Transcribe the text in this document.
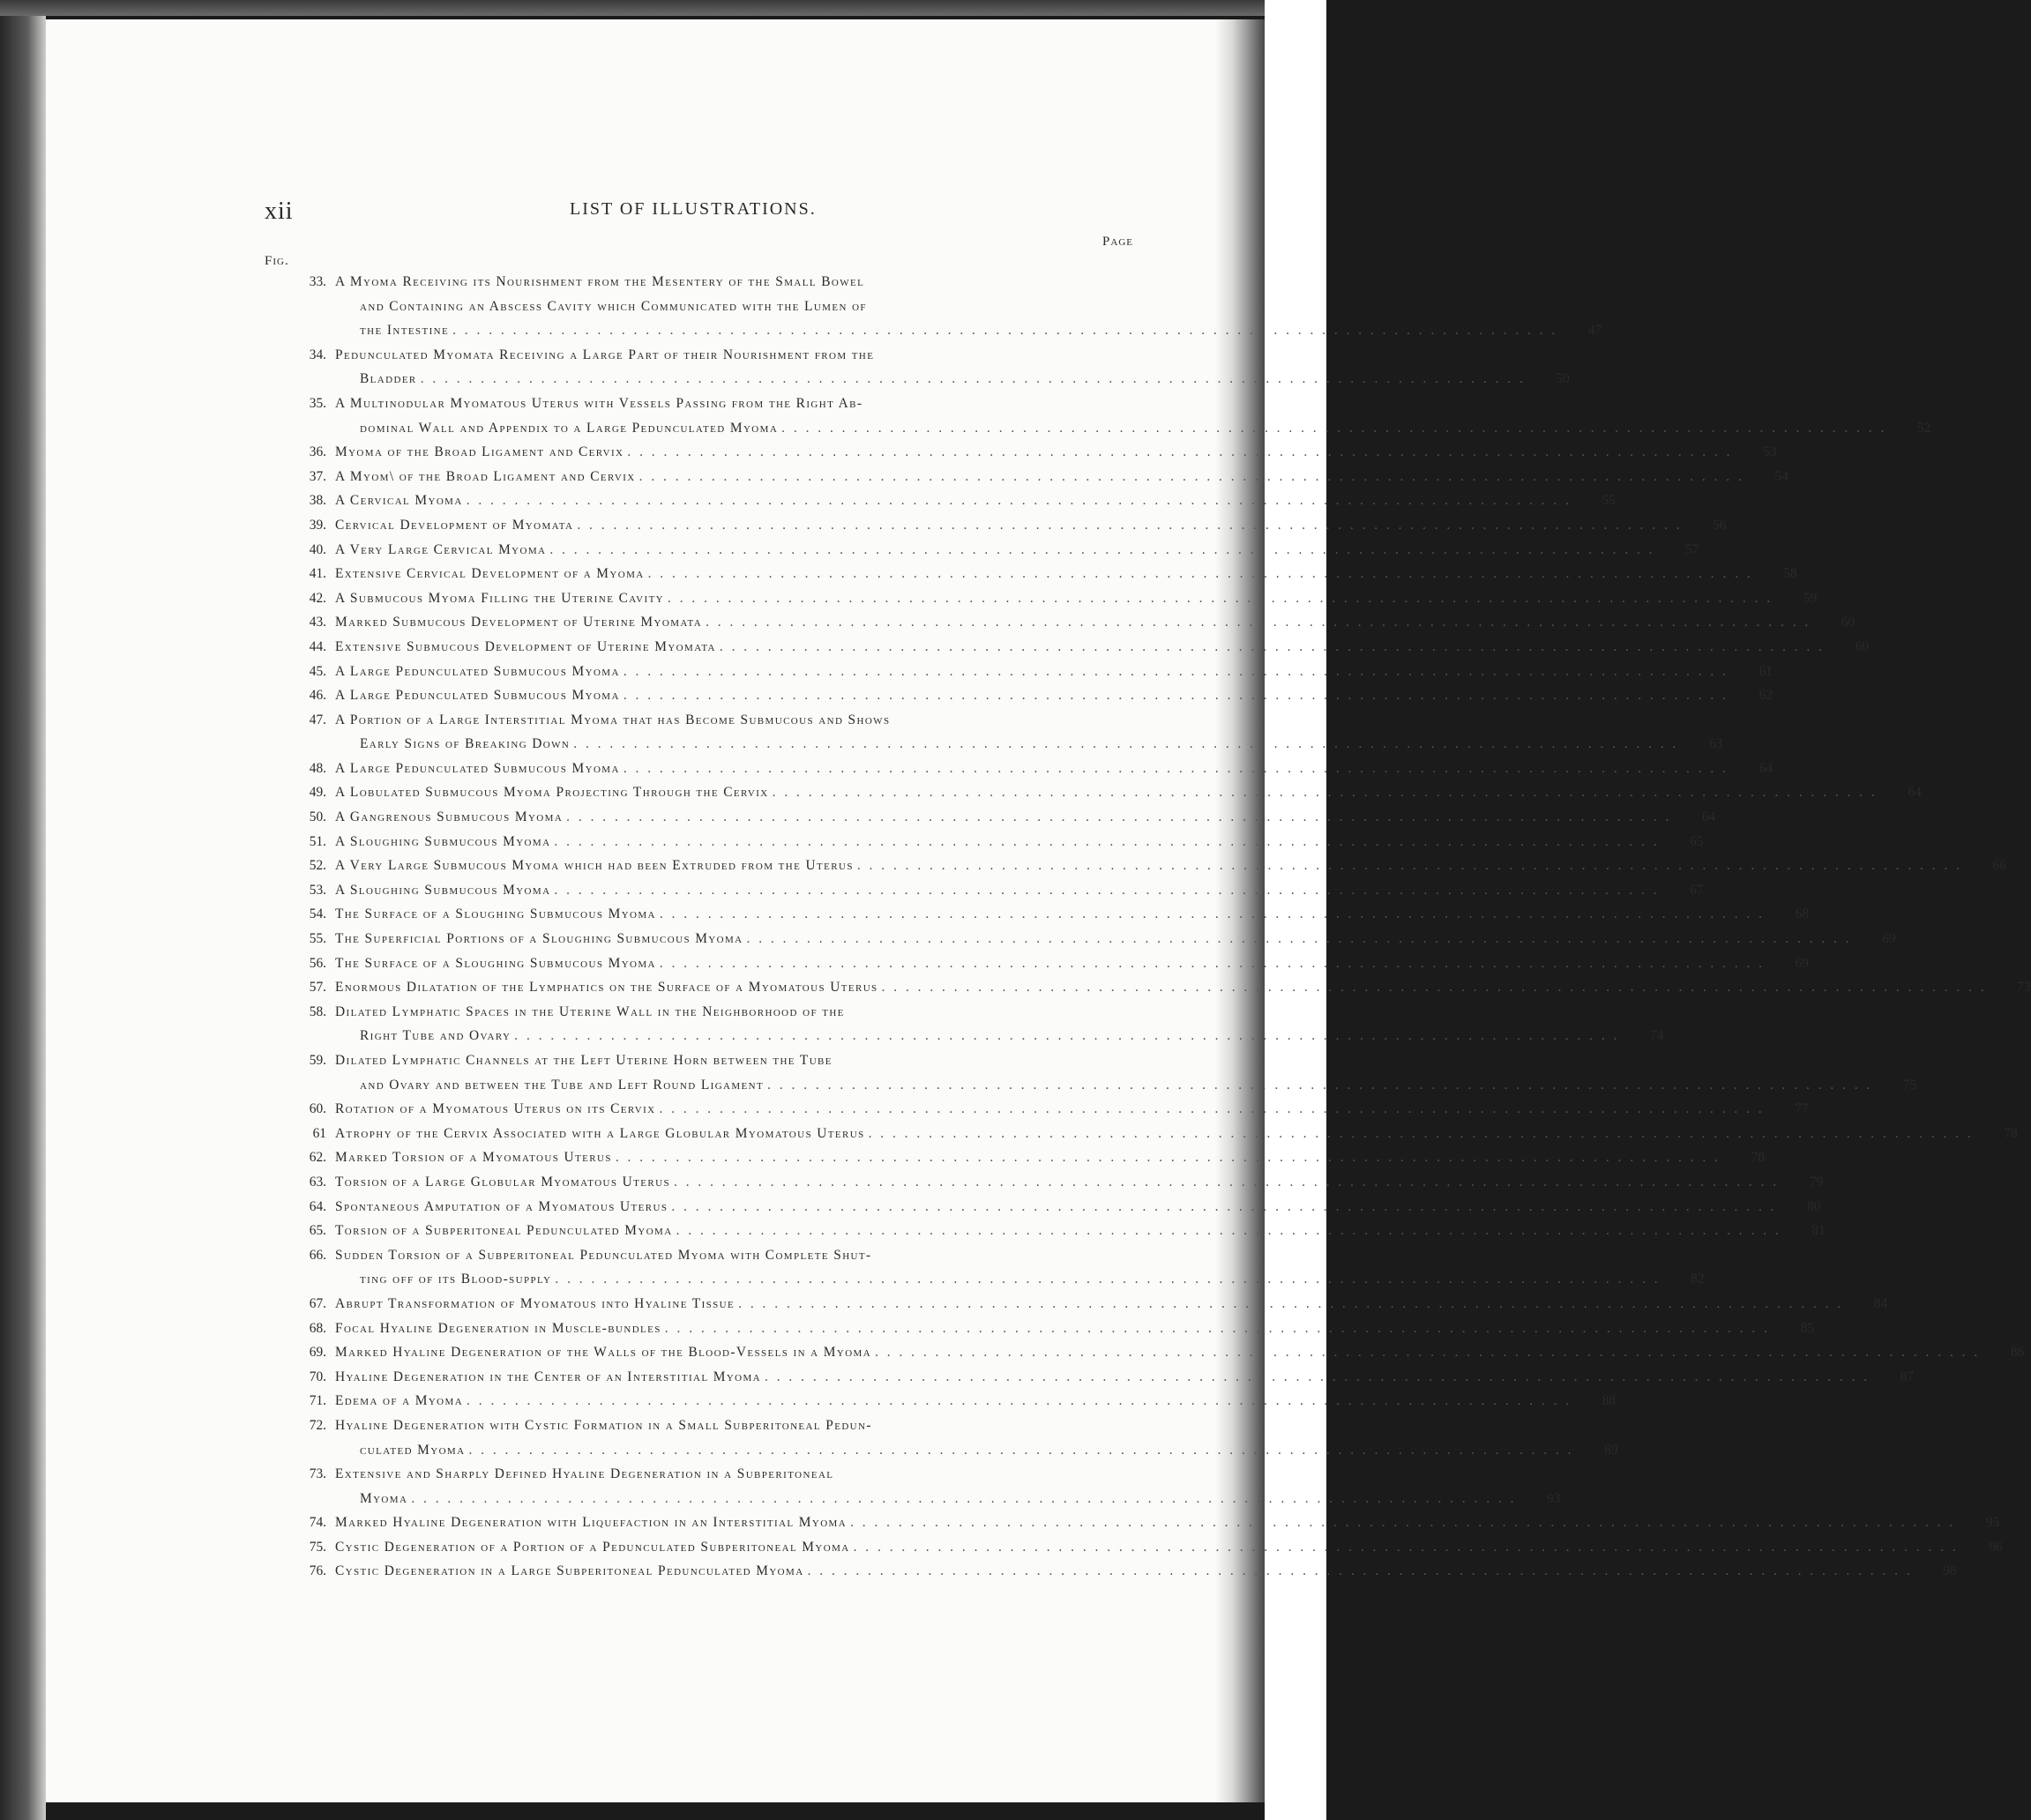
xii	LIST OF ILLUSTRATIONS.
Page
Fig.
33. A Myoma Receiving its Nourishment from the Mesentery of the Small Bowel
and Containing an Abscess Cavity which Communicated with the Lumen of
the Intestine . . .	47
34. Pedunculated Myomata Receiving a Large Part of their Nourishment from the
Bladder . . .	50
35. A Multinodular Myomatous Uterus with Vessels Passing from the Right Ab-
dominal Wall and Appendix to a Large Pedunculated Myoma . . .	52
36. Myoma of the Broad Ligament and Cervix . . .	53
37. A Myom\ of the Broad Ligament and Cervix . . .	54
38. A Cervical Myoma . . .	55
39. Cervical Development of Myomata . . .	56
40. A Very Large Cervical Myoma . . .	57
41. Extensive Cervical Development of a Myoma . . .	58
42. A Submucous Myoma Filling the Uterine Cavity . . .	59
43. Marked Submucous Development of Uterine Myomata . . .	60
44. Extensive Submucous Development of Uterine Myomata . . .	60
45. A Large Pedunculated Submucous Myoma . . .	61
46. A Large Pedunculated Submucous Myoma . . .	62
47. A Portion of a Large Interstitial Myoma that has Become Submucous and Shows
Early Signs of Breaking Down . . .	63
48. A Large Pedunculated Submucous Myoma . . .	64
49. A Lobulated Submucous Myoma Projecting Through the Cervix . . .	64
50. A Gangrenous Submucous Myoma . . .	64
51. A Sloughing Submucous Myoma . . .	65
52. A Very Large Submucous Myoma which had been Extruded from the Uterus . . .	66
53. A Sloughing Submucous Myoma . . .	67
54. The Surface of a Sloughing Submucous Myoma . . .	68
55. The Superficial Portions of a Sloughing Submucous Myoma . . .	69
56. The Surface of a Sloughing Submucous Myoma . . .	69
57. Enormous Dilatation of the Lymphatics on the Surface of a Myomatous Uterus . . .	73
58. Dilated Lymphatic Spaces in the Uterine Wall in the Neighborhood of the
Right Tube and Ovary . . .	74
59. Dilated Lymphatic Channels at the Left Uterine Horn between the Tube
and Ovary and between the Tube and Left Round Ligament . . .	75
60. Rotation of a Myomatous Uterus on its Cervix . . .	77
61 Atrophy of the Cervix Associated with a Large Globular Myomatous Uterus . . .	78
62. Marked Torsion of a Myomatous Uterus . . .	78
63. Torsion of a Large Globular Myomatous Uterus . . .	79
64. Spontaneous Amputation of a Myomatous Uterus . . .	80
65. Torsion of a Subperitoneal Pedunculated Myoma . . .	81
66. Sudden Torsion of a Subperitoneal Pedunculated Myoma with Complete Shut-
ting off of its Blood-supply . . .	82
67. Abrupt Transformation of Myomatous into Hyaline Tissue . . .	84
68. Focal Hyaline Degeneration in Muscle-bundles . . .	85
69. Marked Hyaline Degeneration of the Walls of the Blood-Vessels in a Myoma . . .	86
70. Hyaline Degeneration in the Center of an Interstitial Myoma . . .	87
71. Edema of a Myoma . . .	88
72. Hyaline Degeneration with Cystic Formation in a Small Subperitoneal Pedun-
culated Myoma . . .	89
73. Extensive and Sharply Defined Hyaline Degeneration in a Subperitoneal
Myoma . . .	93
74. Marked Hyaline Degeneration with Liquefaction in an Interstitial Myoma . . .	95
75. Cystic Degeneration of a Portion of a Pedunculated Subperitoneal Myoma . . .	96
76. Cystic Degeneration in a Large Subperitoneal Pedunculated Myoma . . .	98
